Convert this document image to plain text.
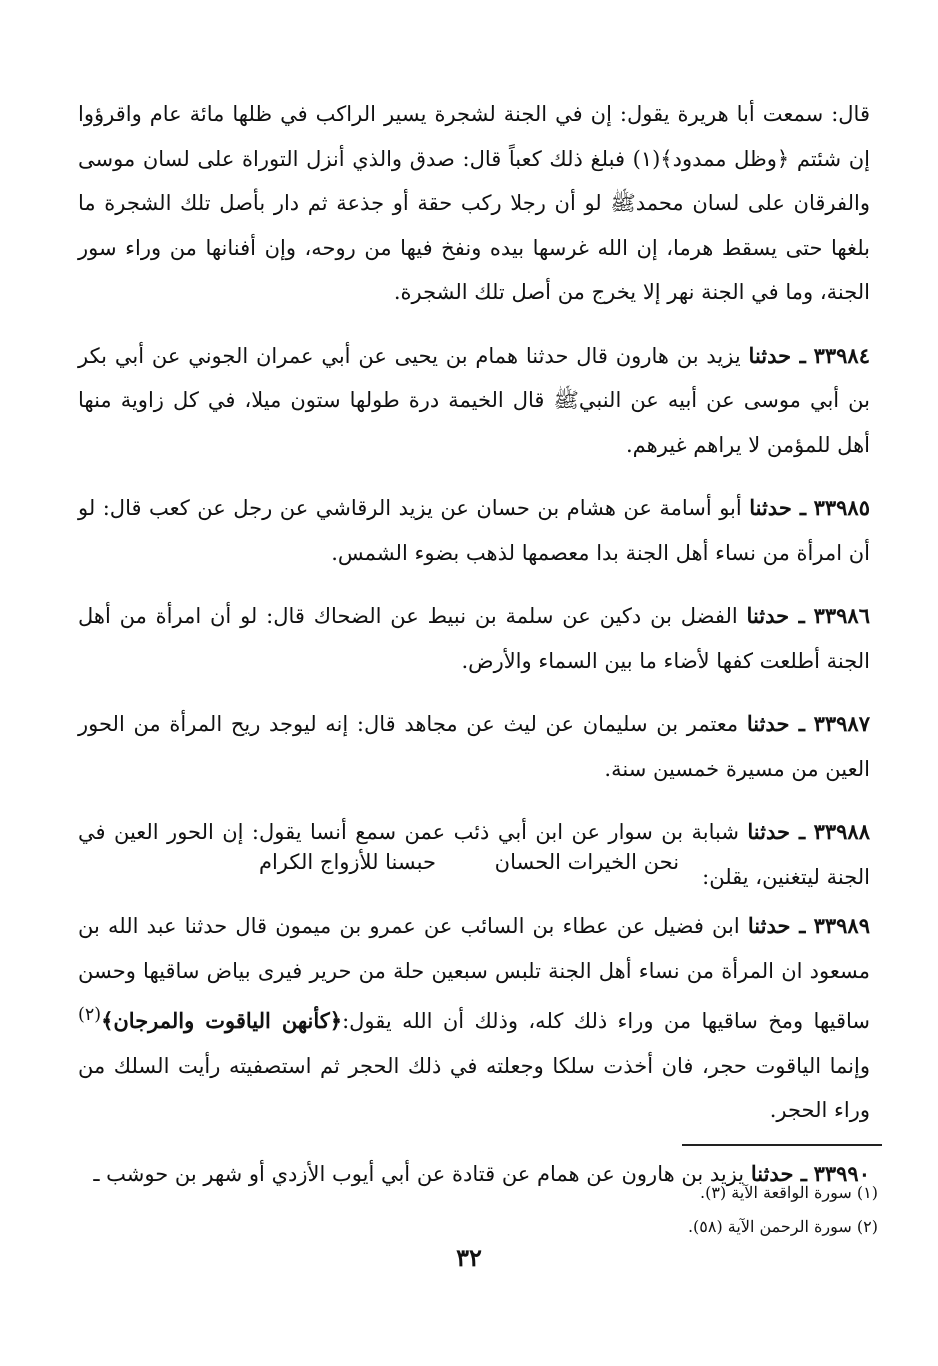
قال: سمعت أبا هريرة يقول: إن في الجنة لشجرة يسير الراكب في ظلها مائة عام واقرؤوا إن شئتم ﴿وظل ممدود﴾(١) فبلغ ذلك كعباً قال: صدق والذي أنزل التوراة على لسان موسى والفرقان على لسان محمدﷺ لو أن رجلا ركب حقة أو جذعة ثم دار بأصل تلك الشجرة ما بلغها حتى يسقط هرما، إن الله غرسها بيده ونفخ فيها من روحه، وإن أفنانها من وراء سور الجنة، وما في الجنة نهر إلا يخرج من أصل تلك الشجرة.

٣٣٩٨٤ ـ حدثنا يزيد بن هارون قال حدثنا همام بن يحيى عن أبي عمران الجوني عن أبي بكر بن أبي موسى عن أبيه عن النبيﷺ قال الخيمة درة طولها ستون ميلا، في كل زاوية منها أهل للمؤمن لا يراهم غيرهم.

٣٣٩٨٥ ـ حدثنا أبو أسامة عن هشام بن حسان عن يزيد الرقاشي عن رجل عن كعب قال: لو أن امرأة من نساء أهل الجنة بدا معصمها لذهب بضوء الشمس.

٣٣٩٨٦ ـ حدثنا الفضل بن دكين عن سلمة بن نبيط عن الضحاك قال: لو أن امرأة من أهل الجنة أطلعت كفها لأضاء ما بين السماء والأرض.

٣٣٩٨٧ ـ حدثنا معتمر بن سليمان عن ليث عن مجاهد قال: إنه ليوجد ريح المرأة من الحور العين من مسيرة خمسين سنة.

٣٣٩٨٨ ـ حدثنا شبابة بن سوار عن ابن أبي ذئب عمن سمع أنسا يقول: إن الحور العين في الجنة ليتغنين، يقلن:

نحن الخيرات الحسان حبسنا للأزواج الكرام

٣٣٩٨٩ ـ حدثنا ابن فضيل عن عطاء بن السائب عن عمرو بن ميمون قال حدثنا عبد الله بن مسعود ان المرأة من نساء أهل الجنة تلبس سبعين حلة من حرير فيرى بياض ساقيها وحسن ساقيها ومخ ساقيها من وراء ذلك كله، وذلك أن الله يقول:﴿كأنهن الياقوت والمرجان﴾$^{(٢)}$ وإنما الياقوت حجر، فان أخذت سلكا وجعلته في ذلك الحجر ثم استصفيته رأيت السلك من وراء الحجر.

٣٣٩٩٠ ـ حدثنا يزيد بن هارون عن همام عن قتادة عن أبي أيوب الأزدي أو شهر بن حوشب ـ

(١) سورة الواقعة الآية (٣).

(٢) سورة الرحمن الآية (٥٨).

٣٢
